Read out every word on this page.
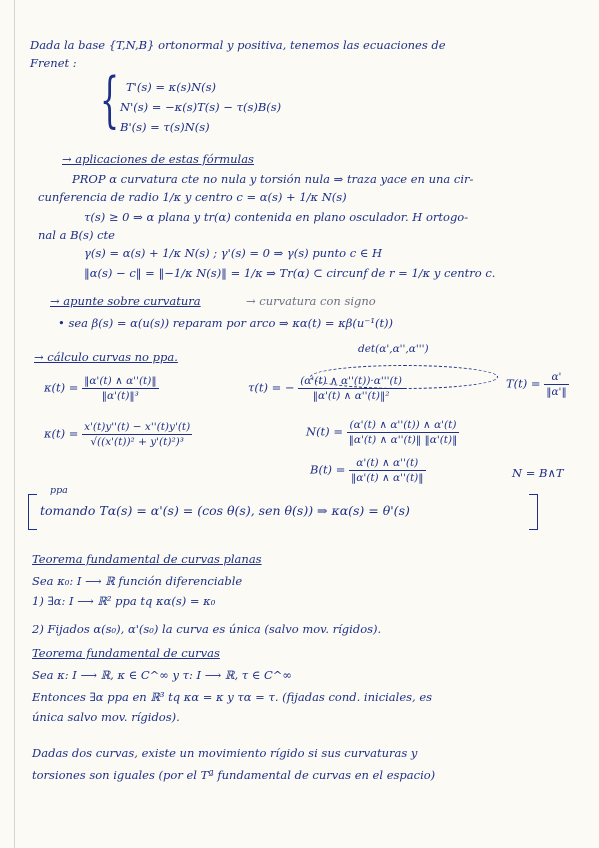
Dada la base {T,N,B} ortonormal y positiva, tenemos las ecuaciones de
Frenet :
{ T'(s) = κ(s)N(s)
N'(s) = −κ(s)T(s) − τ(s)B(s)
B'(s) = τ(s)N(s)
→ aplicaciones de estas fórmulas
PROP α curvatura cte no nula y torsión nula ⇒ traza yace en una cir-
cunferencia de radio 1/κ y centro c = α(s) + 1/κ N(s)
τ(s) ≥ 0 ⇒ α plana y tr(α) contenida en plano osculador. H ortogo-
nal a B(s) cte
γ(s) = α(s) + 1/κ N(s) ; γ'(s) = 0 ⇒ γ(s) punto c ∈ H
‖α(s) − c‖ = ‖−1/κ N(s)‖ = 1/κ ⇒ Tr(α) ⊂ circunf de r = 1/κ y centro c.
→ apunte sobre curvatura	→ curvatura con signo
• sea β(s) = α(u(s)) reparam por arco ⇒ κα(t) = κβ(u⁻¹(t))
→ cálculo curvas no ppa.
det(α',α'',α''')
$\kappa(t) = \frac{‖\alpha'(t) \wedge \alpha''(t)‖}{\text{‖α'(t)‖³}}$	τ(t) = − $\frac{(\alpha'(t) \wedge \alpha''(t))\cdot\alpha'''(t)}{\text{‖α'(t) ∧ α''(t)‖²}}$	$T(t) = \frac{\alpha'}{‖\alpha'‖}$
$\kappa(t) = \frac{x'(t)y''(t) - x''(t)y'(t)}{\text{√((x'(t))² + y'(t)²)³}}$	$N(t) = \frac{(\alpha'(t) \wedge \alpha''(t)) \wedge \alpha'(t)}{‖\alpha'(t) \wedge \alpha''(t)‖ ‖\alpha'(t)‖}$
$B(t) = \frac{\alpha'(t) \wedge \alpha''(t)}{‖\alpha'(t) \wedge \alpha''(t)‖}$	N = B∧T
ppa
tomando Tα(s) = α'(s) = (cos θ(s), sen θ(s)) ⇒ κα(s) = θ'(s)
Teorema fundamental de curvas planas
Sea κ₀: I ⟶ ℝ función diferenciable
1) ∃α: I ⟶ ℝ² ppa tq κα(s) = κ₀
2) Fijados α(s₀), α'(s₀) la curva es única (salvo mov. rígidos).
Teorema fundamental de curvas
Sea κ: I ⟶ ℝ, κ ∈ C^∞ y τ: I ⟶ ℝ, τ ∈ C^∞
Entonces ∃α ppa en ℝ³ tq κα = κ y τα = τ. (fijadas cond. iniciales, es
única salvo mov. rígidos).
Dadas dos curvas, existe un movimiento rígido si sus curvaturas y
torsiones son iguales (por el Tª fundamental de curvas en el espacio)
